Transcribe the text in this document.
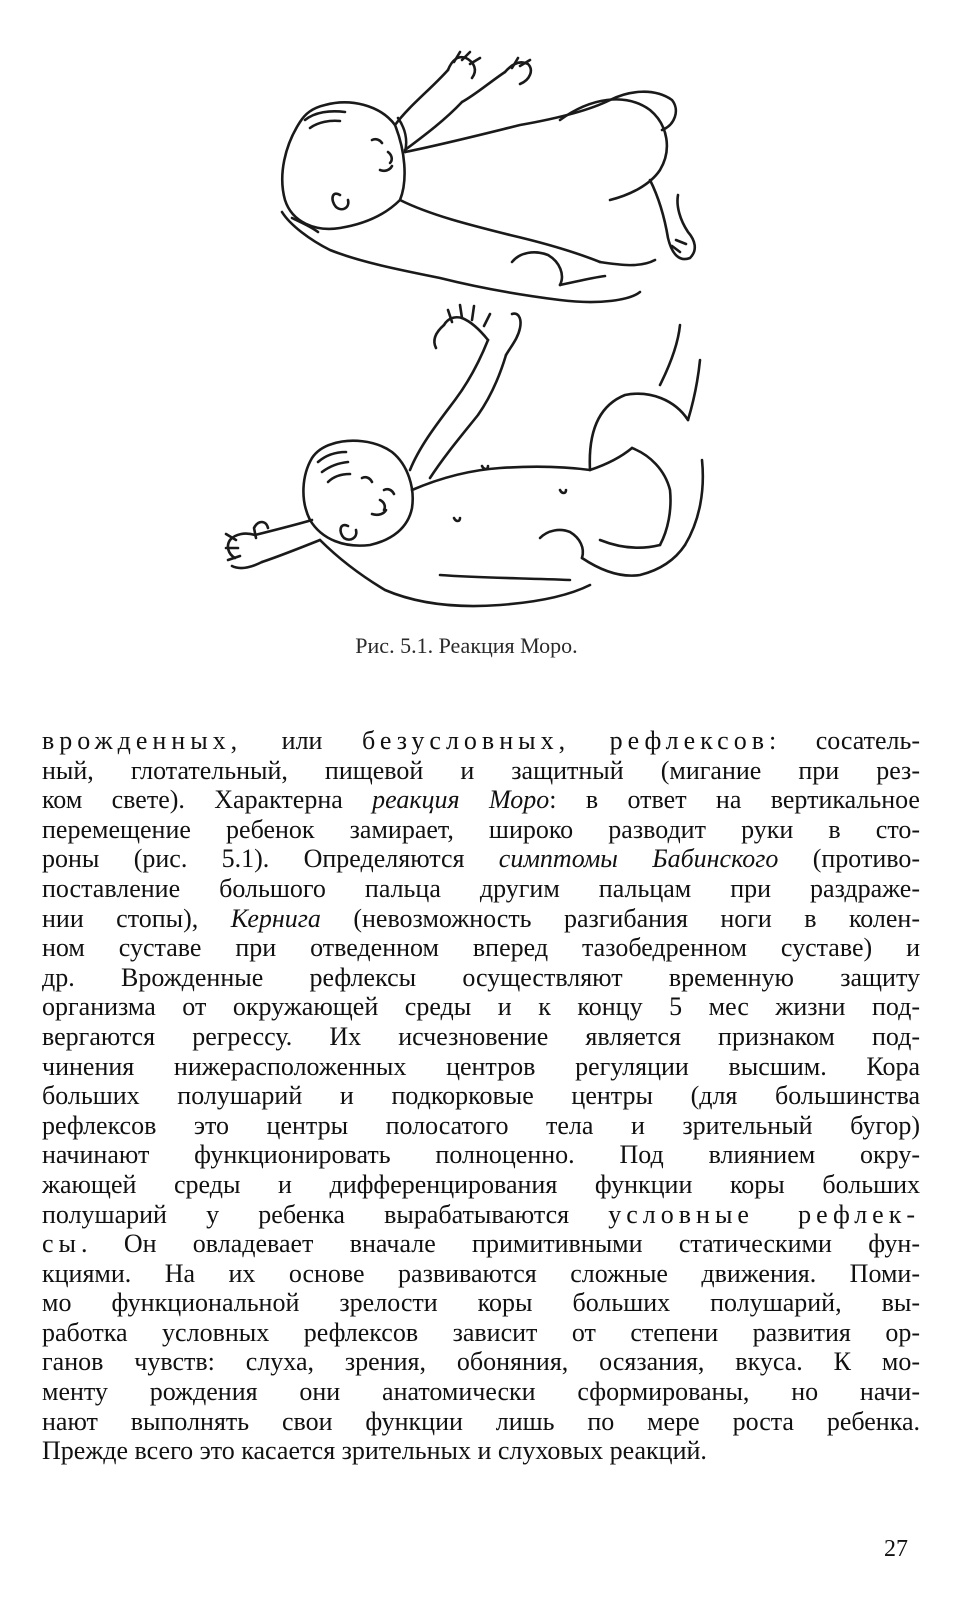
Рис. 5.1. Реакция Моро.
врожденных, или безусловных, рефлексов: сосатель-
ный, глотательный, пищевой и защитный (мигание при рез-
ком свете). Характерна реакция Моро: в ответ на вертикальное
перемещение ребенок замирает, широко разводит руки в сто-
роны (рис. 5.1). Определяются симптомы Бабинского (противо-
поставление большого пальца другим пальцам при раздраже-
нии стопы), Кернига (невозможность разгибания ноги в колен-
ном суставе при отведенном вперед тазобедренном суставе) и
др. Врожденные рефлексы осуществляют временную защиту
организма от окружающей среды и к концу 5 мес жизни под-
вергаются регрессу. Их исчезновение является признаком под-
чинения нижерасположенных центров регуляции высшим. Кора
больших полушарий и подкорковые центры (для большинства
рефлексов это центры полосатого тела и зрительный бугор)
начинают функционировать полноценно. Под влиянием окру-
жающей среды и дифференцирования функции коры больших
полушарий у ребенка вырабатываются условные рефлек-
сы. Он овладевает вначале примитивными статическими фун-
кциями. На их основе развиваются сложные движения. Поми-
мо функциональной зрелости коры больших полушарий, вы-
работка условных рефлексов зависит от степени развития ор-
ганов чувств: слуха, зрения, обоняния, осязания, вкуса. К мо-
менту рождения они анатомически сформированы, но начи-
нают выполнять свои функции лишь по мере роста ребенка.
Прежде всего это касается зрительных и слуховых реакций.
27
